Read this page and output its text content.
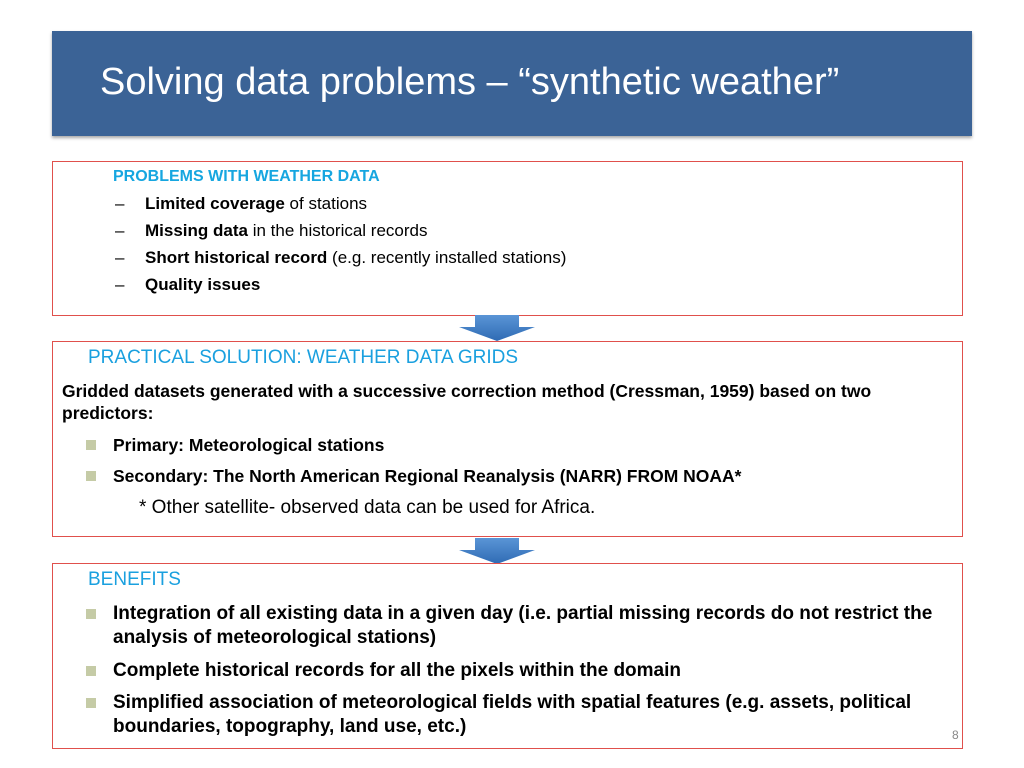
Solving data problems – “synthetic weather”
PROBLEMS WITH WEATHER DATA
– Limited coverage of stations
– Missing data in the historical records
– Short historical record (e.g. recently installed stations)
– Quality issues
PRACTICAL SOLUTION: WEATHER DATA GRIDS
Gridded datasets generated with a successive correction method (Cressman, 1959) based on two predictors:
Primary: Meteorological stations
Secondary: The North American Regional Reanalysis (NARR) FROM NOAA*
* Other satellite- observed data can be used for Africa.
BENEFITS
Integration of all existing data in a given day (i.e. partial missing records do not restrict the analysis of meteorological stations)
Complete historical records for all the pixels within the domain
Simplified association of meteorological fields with spatial features (e.g. assets, political boundaries, topography, land use, etc.)	8
